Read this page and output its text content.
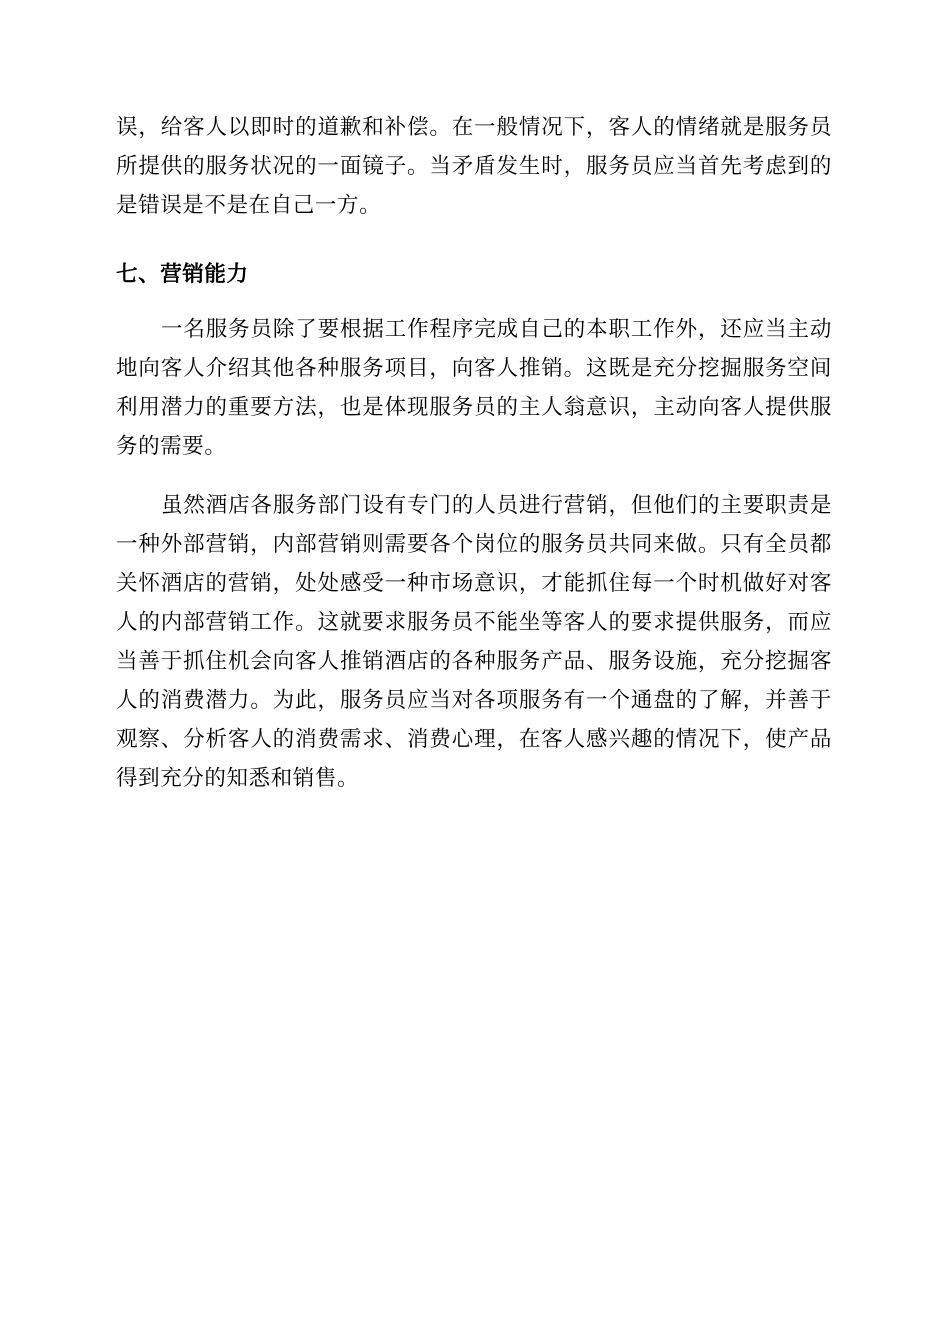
误，给客人以即时的道歉和补偿。在一般情况下，客人的情绪就是服务员所提供的服务状况的一面镜子。当矛盾发生时，服务员应当首先考虑到的是错误是不是在自己一方。

七、营销能力

一名服务员除了要根据工作程序完成自己的本职工作外，还应当主动地向客人介绍其他各种服务项目，向客人推销。这既是充分挖掘服务空间利用潜力的重要方法，也是体现服务员的主人翁意识，主动向客人提供服务的需要。

虽然酒店各服务部门设有专门的人员进行营销，但他们的主要职责是一种外部营销，内部营销则需要各个岗位的服务员共同来做。只有全员都关怀酒店的营销，处处感受一种市场意识，才能抓住每一个时机做好对客人的内部营销工作。这就要求服务员不能坐等客人的要求提供服务，而应当善于抓住机会向客人推销酒店的各种服务产品、服务设施，充分挖掘客人的消费潜力。为此，服务员应当对各项服务有一个通盘的了解，并善于观察、分析客人的消费需求、消费心理，在客人感兴趣的情况下，使产品得到充分的知悉和销售。
